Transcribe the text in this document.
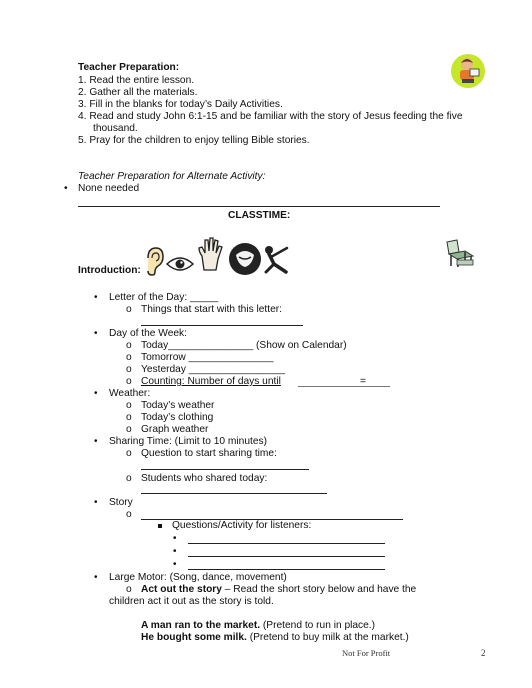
Teacher Preparation:
1. Read the entire lesson.
2. Gather all the materials.
3. Fill in the blanks for today’s Daily Activities.
4. Read and study John 6:1-15 and be familiar with the story of Jesus feeding the five
thousand.
5. Pray for the children to enjoy telling Bible stories.
Teacher Preparation for Alternate Activity:
• None needed
CLASSTIME:
Introduction:
• Letter of the Day: _____
o Things that start with this letter:
• Day of the Week:
o Today_______________ (Show on Calendar)
o Tomorrow _______________
o Yesterday _________________
o Counting: Number of days until	=
• Weather:
o Today’s weather
o Today’s clothing
o Graph weather
• Sharing Time: (Limit to 10 minutes)
o Question to start sharing time:
o Students who shared today:
• Story
o
Questions/Activity for listeners:
•
•
•
• Large Motor: (Song, dance, movement)
o Act out the story – Read the short story below and have the
children act it out as the story is told.
A man ran to the market. (Pretend to run in place.)
He bought some milk. (Pretend to buy milk at the market.)
Not For Profit	2
